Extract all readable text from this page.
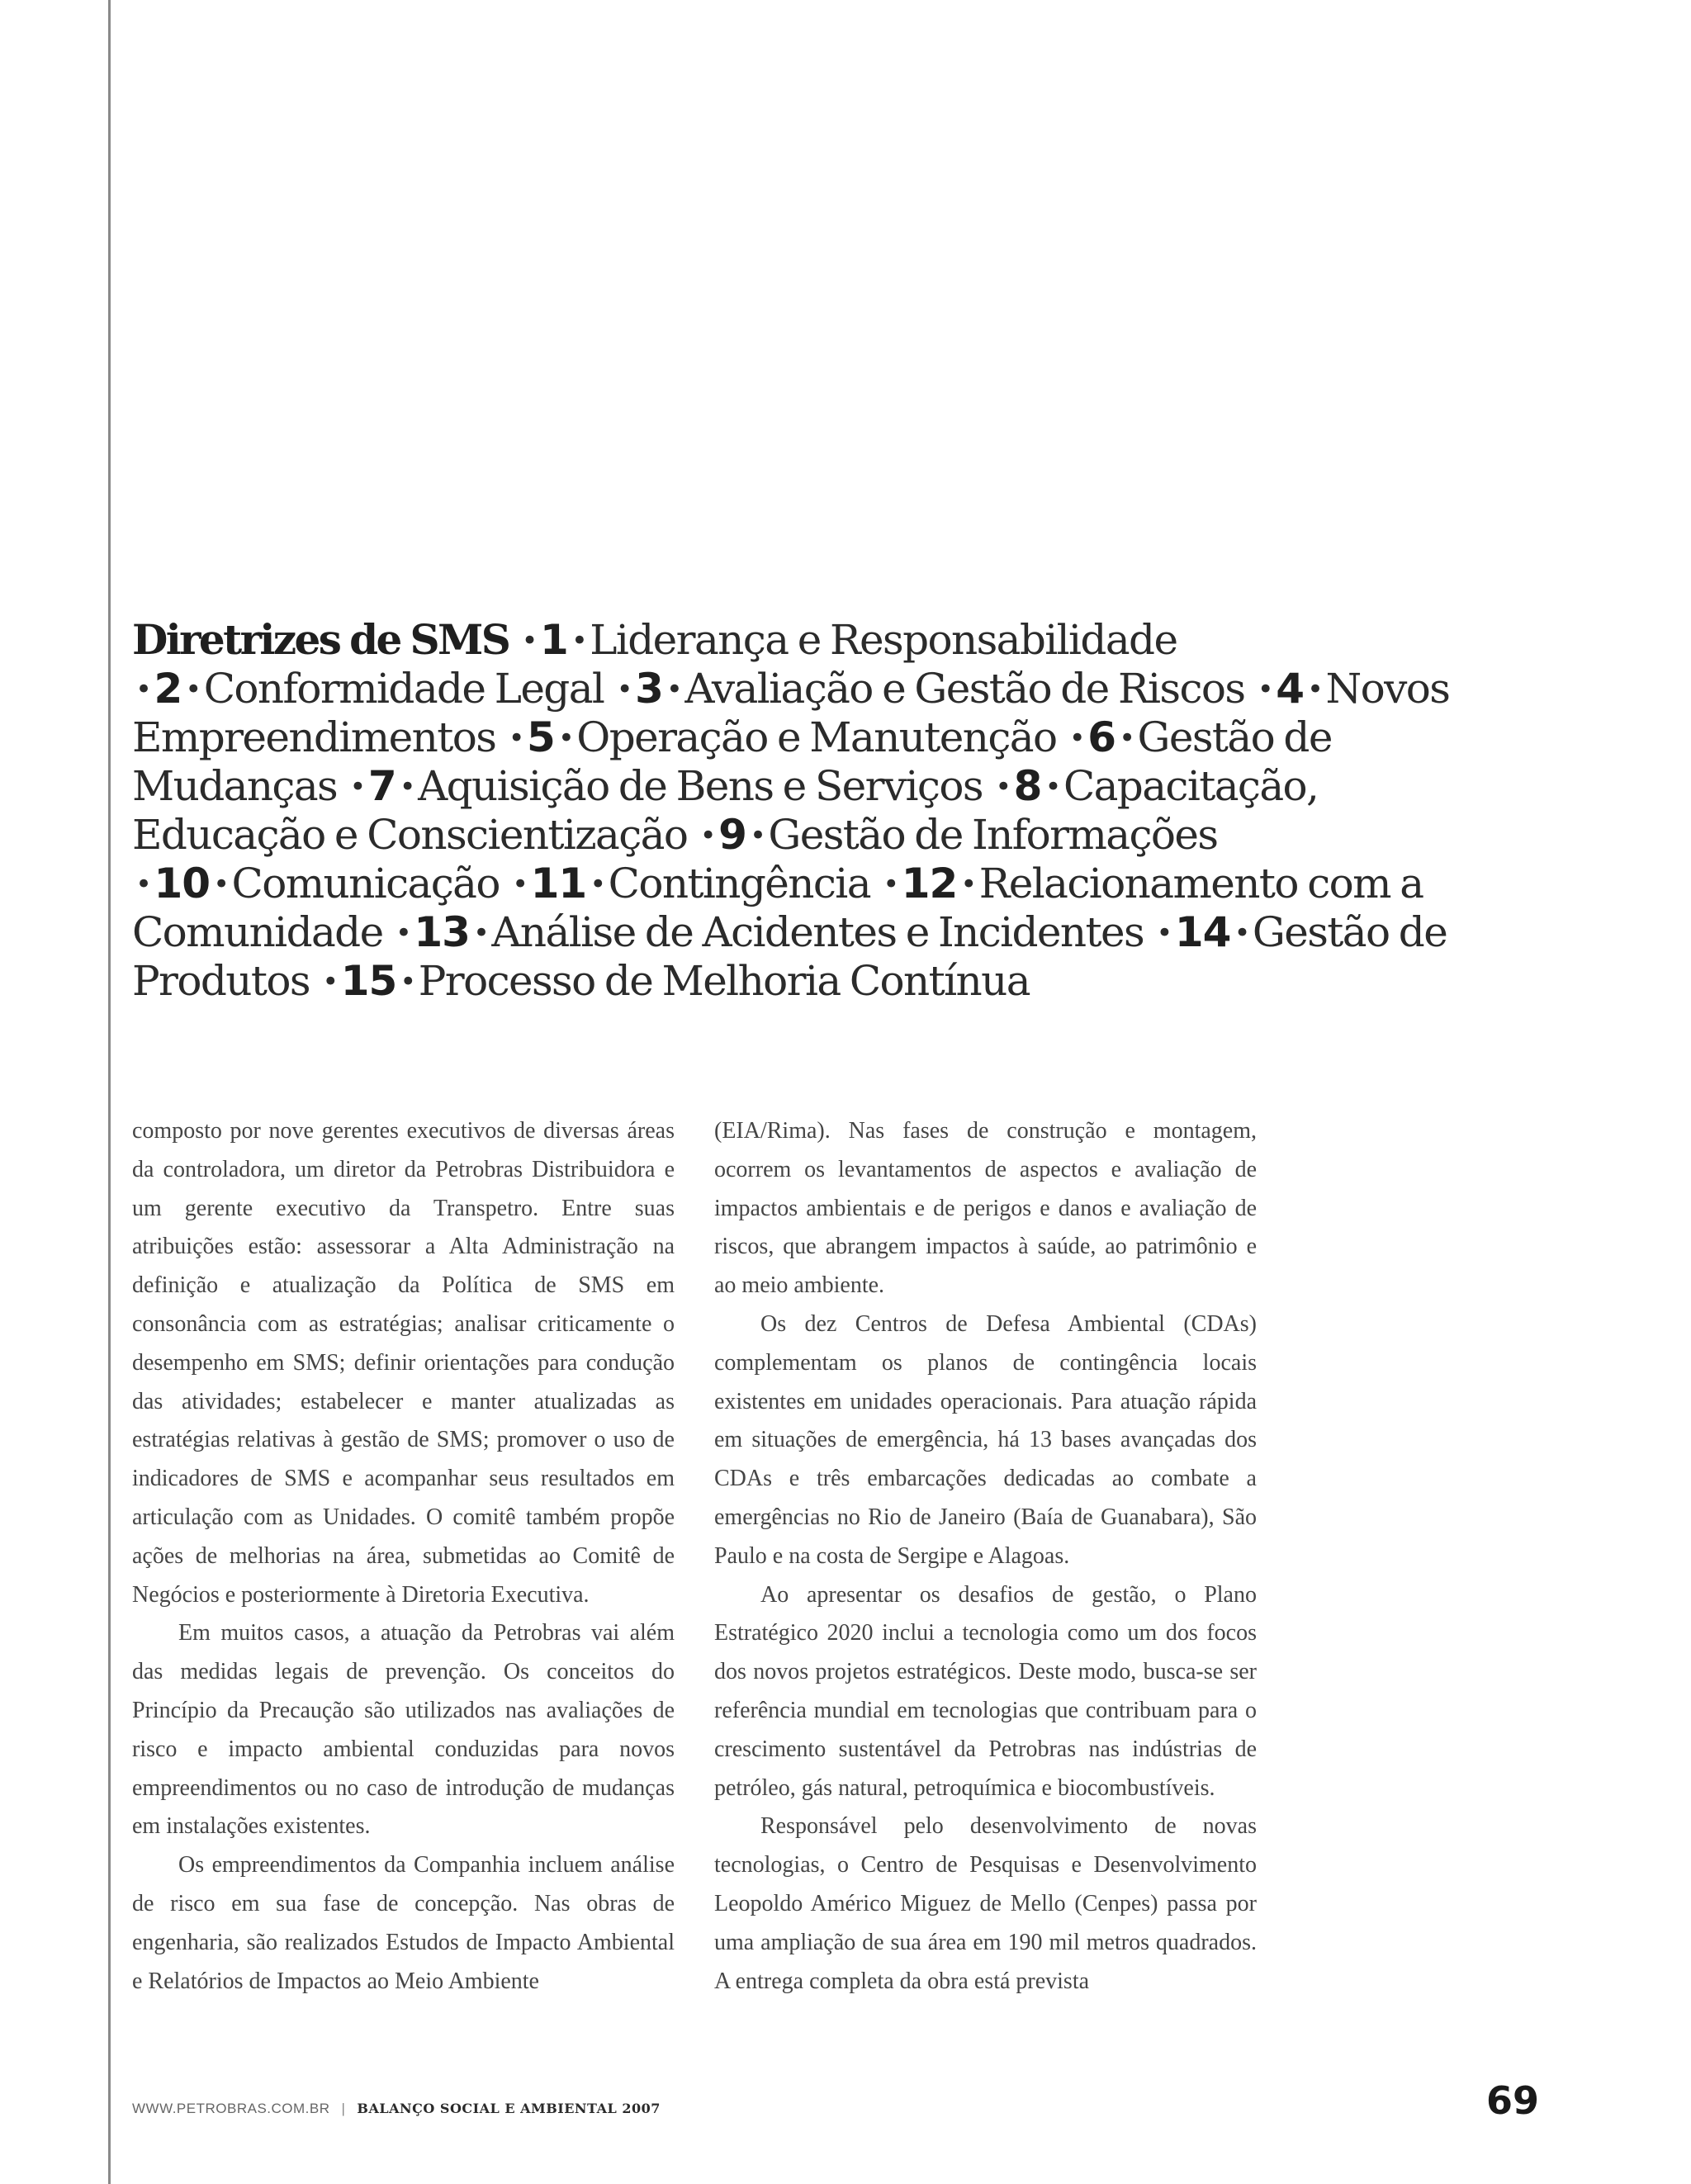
Diretrizes de SMS •1 •Liderança e Responsabilidade •2 •Conformidade Legal •3 •Avaliação e Gestão de Riscos •4 •Novos Empreendimentos •5 •Operação e Manutenção •6 •Gestão de Mudanças •7 •Aquisição de Bens e Serviços •8 •Capacitação, Educação e Conscientização •9 •Gestão de Informações •10 •Comunicação •11 •Contingência •12 •Relacionamento com a Comunidade •13 •Análise de Acidentes e Incidentes •14 •Gestão de Produtos •15 •Processo de Melhoria Contínua

composto por nove gerentes executivos de diversas áreas da controladora, um diretor da Petrobras Distribuidora e um gerente executivo da Transpetro. Entre suas atribuições estão: assessorar a Alta Administração na definição e atualização da Política de SMS em consonância com as estratégias; analisar criticamente o desempenho em SMS; definir orientações para condução das atividades; estabelecer e manter atualizadas as estratégias relativas à gestão de SMS; promover o uso de indicadores de SMS e acompanhar seus resultados em articulação com as Unidades. O comitê também propõe ações de melhorias na área, submetidas ao Comitê de Negócios e posteriormente à Diretoria Executiva.

Em muitos casos, a atuação da Petrobras vai além das medidas legais de prevenção. Os conceitos do Princípio da Precaução são utilizados nas avaliações de risco e impacto ambiental conduzidas para novos empreendimentos ou no caso de introdução de mudanças em instalações existentes.

Os empreendimentos da Companhia incluem análise de risco em sua fase de concepção. Nas obras de engenharia, são realizados Estudos de Impacto Ambiental e Relatórios de Impactos ao Meio Ambiente

(EIA/Rima). Nas fases de construção e montagem, ocorrem os levantamentos de aspectos e avaliação de impactos ambientais e de perigos e danos e avaliação de riscos, que abrangem impactos à saúde, ao patrimônio e ao meio ambiente.

Os dez Centros de Defesa Ambiental (CDAs) complementam os planos de contingência locais existentes em unidades operacionais. Para atuação rápida em situações de emergência, há 13 bases avançadas dos CDAs e três embarcações dedicadas ao combate a emergências no Rio de Janeiro (Baía de Guanabara), São Paulo e na costa de Sergipe e Alagoas.

Ao apresentar os desafios de gestão, o Plano Estratégico 2020 inclui a tecnologia como um dos focos dos novos projetos estratégicos. Deste modo, busca-se ser referência mundial em tecnologias que contribuam para o crescimento sustentável da Petrobras nas indústrias de petróleo, gás natural, petroquímica e biocombustíveis.

Responsável pelo desenvolvimento de novas tecnologias, o Centro de Pesquisas e Desenvolvimento Leopoldo Américo Miguez de Mello (Cenpes) passa por uma ampliação de sua área em 190 mil metros quadrados. A entrega completa da obra está prevista

WWW.PETROBRAS.COM.BR | BALANÇO SOCIAL E AMBIENTAL 2007	69
